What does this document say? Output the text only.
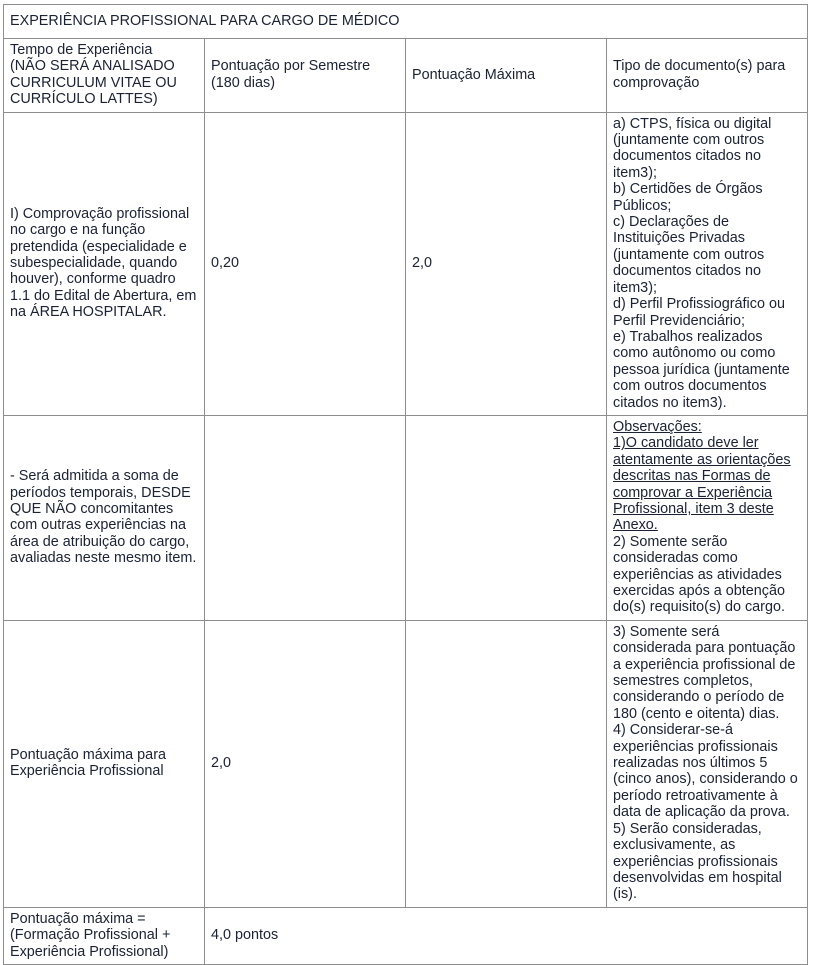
EXPERIÊNCIA PROFISSIONAL PARA CARGO DE MÉDICO			

Tempo de Experiência
(NÃO SERÁ ANALISADO CURRICULUM VITAE OU CURRÍCULO LATTES)	Pontuação por Semestre (180 dias)	Pontuação Máxima	Tipo de documento(s) para comprovação
I) Comprovação profissional no cargo e na função pretendida (especialidade e subespecialidade, quando houver), conforme quadro 1.1 do Edital de Abertura, em na ÁREA HOSPITALAR.	0,20	2,0	a) CTPS, física ou digital (juntamente com outros documentos citados no item3);

b) Certidões de Órgãos Públicos;

c) Declarações de Instituições Privadas (juntamente com outros documentos citados no item3);

d) Perfil Profissiográfico ou Perfil Previdenciário;

e) Trabalhos realizados como autônomo ou como pessoa jurídica (juntamente com outros documentos citados no item3).

- Será admitida a soma de períodos temporais, DESDE QUE NÃO concomitantes com outras experiências na área de atribuição do cargo, avaliadas neste mesmo item.			Observações:

1)O candidato deve ler atentamente as orientações descritas nas Formas de comprovar a Experiência Profissional, item 3 deste Anexo.

2) Somente serão consideradas como experiências as atividades exercidas após a obtenção do(s) requisito(s) do cargo.

Pontuação máxima para Experiência Profissional	2,0		3) Somente será considerada para pontuação a experiência profissional de semestres completos, considerando o período de 180 (cento e oitenta) dias.

4) Considerar-se-á experiências profissionais realizadas nos últimos 5 (cinco anos), considerando o período retroativamente à data de aplicação da prova.

5) Serão consideradas, exclusivamente, as experiências profissionais desenvolvidas em hospital (is).

Pontuação máxima = (Formação Profissional + Experiência Profissional)	4,0 pontos		
